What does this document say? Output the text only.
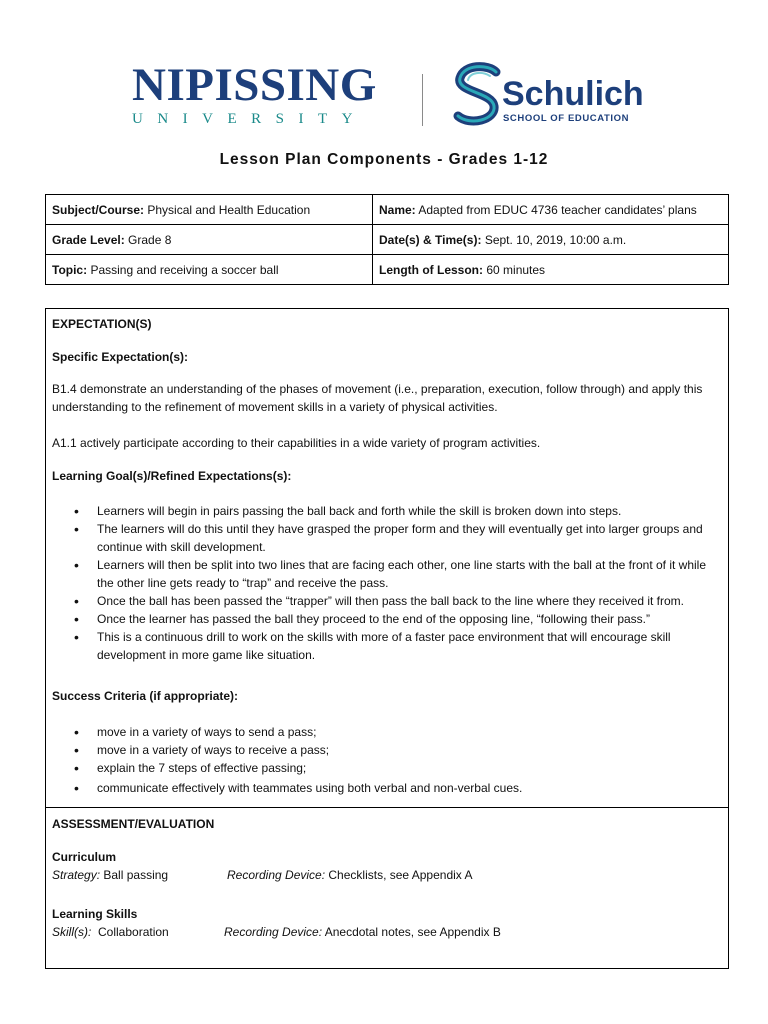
NIPISSING
UNIVERSITY
Schulich
SCHOOL OF EDUCATION
Lesson Plan Components - Grades 1-12
Subject/Course: Physical and Health Education	Name: Adapted from EDUC 4736 teacher candidates’ plans
Grade Level: Grade 8	Date(s) & Time(s): Sept. 10, 2019, 10:00 a.m.
Topic: Passing and receiving a soccer ball	Length of Lesson: 60 minutes
EXPECTATION(S)
Specific Expectation(s):
B1.4 demonstrate an understanding of the phases of movement (i.e., preparation, execution, follow through) and apply this understanding to the refinement of movement skills in a variety of physical activities.
A1.1 actively participate according to their capabilities in a wide variety of program activities.
Learning Goal(s)/Refined Expectations(s):
• Learners will begin in pairs passing the ball back and forth while the skill is broken down into steps.
• The learners will do this until they have grasped the proper form and they will eventually get into larger groups and continue with skill development.
• Learners will then be split into two lines that are facing each other, one line starts with the ball at the front of it while the other line gets ready to “trap” and receive the pass.
• Once the ball has been passed the “trapper” will then pass the ball back to the line where they received it from.
• Once the learner has passed the ball they proceed to the end of the opposing line, “following their pass.”
• This is a continuous drill to work on the skills with more of a faster pace environment that will encourage skill development in more game like situation.
Success Criteria (if appropriate):
• move in a variety of ways to send a pass;
• move in a variety of ways to receive a pass;
• explain the 7 steps of effective passing;
• communicate effectively with teammates using both verbal and non-verbal cues.
ASSESSMENT/EVALUATION
Curriculum
Strategy: Ball passing	Recording Device: Checklists, see Appendix A
Learning Skills
Skill(s): Collaboration	Recording Device: Anecdotal notes, see Appendix B
